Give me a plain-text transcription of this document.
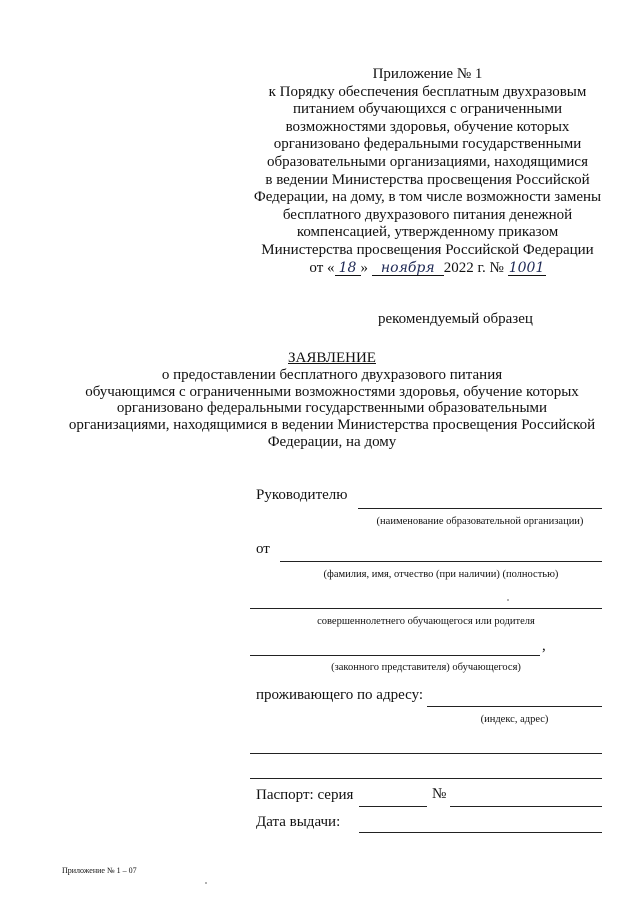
Приложение № 1
к Порядку обеспечения бесплатным двухразовым
питанием обучающихся с ограниченными
возможностями здоровья, обучение которых
организовано федеральными государственными
образовательными организациями, находящимися
в ведении Министерства просвещения Российской
Федерации, на дому, в том числе возможности замены
бесплатного двухразового питания денежной
компенсацией, утвержденному приказом
Министерства просвещения Российской Федерации
от « 18 » ноября 2022 г. № 1001
рекомендуемый образец
ЗАЯВЛЕНИЕ
о предоставлении бесплатного двухразового питания
обучающимся с ограниченными возможностями здоровья, обучение которых
организовано федеральными государственными образовательными
организациями, находящимися в ведении Министерства просвещения Российской
Федерации, на дому
Руководителю
(наименование образовательной организации)
от
(фамилия, имя, отчество (при наличии) (полностью)
совершеннолетнего обучающегося или родителя
,
(законного представителя) обучающегося)
проживающего по адресу:
(индекс, адрес)
Паспорт: серия	№
Дата выдачи:
Приложение № 1 – 07
